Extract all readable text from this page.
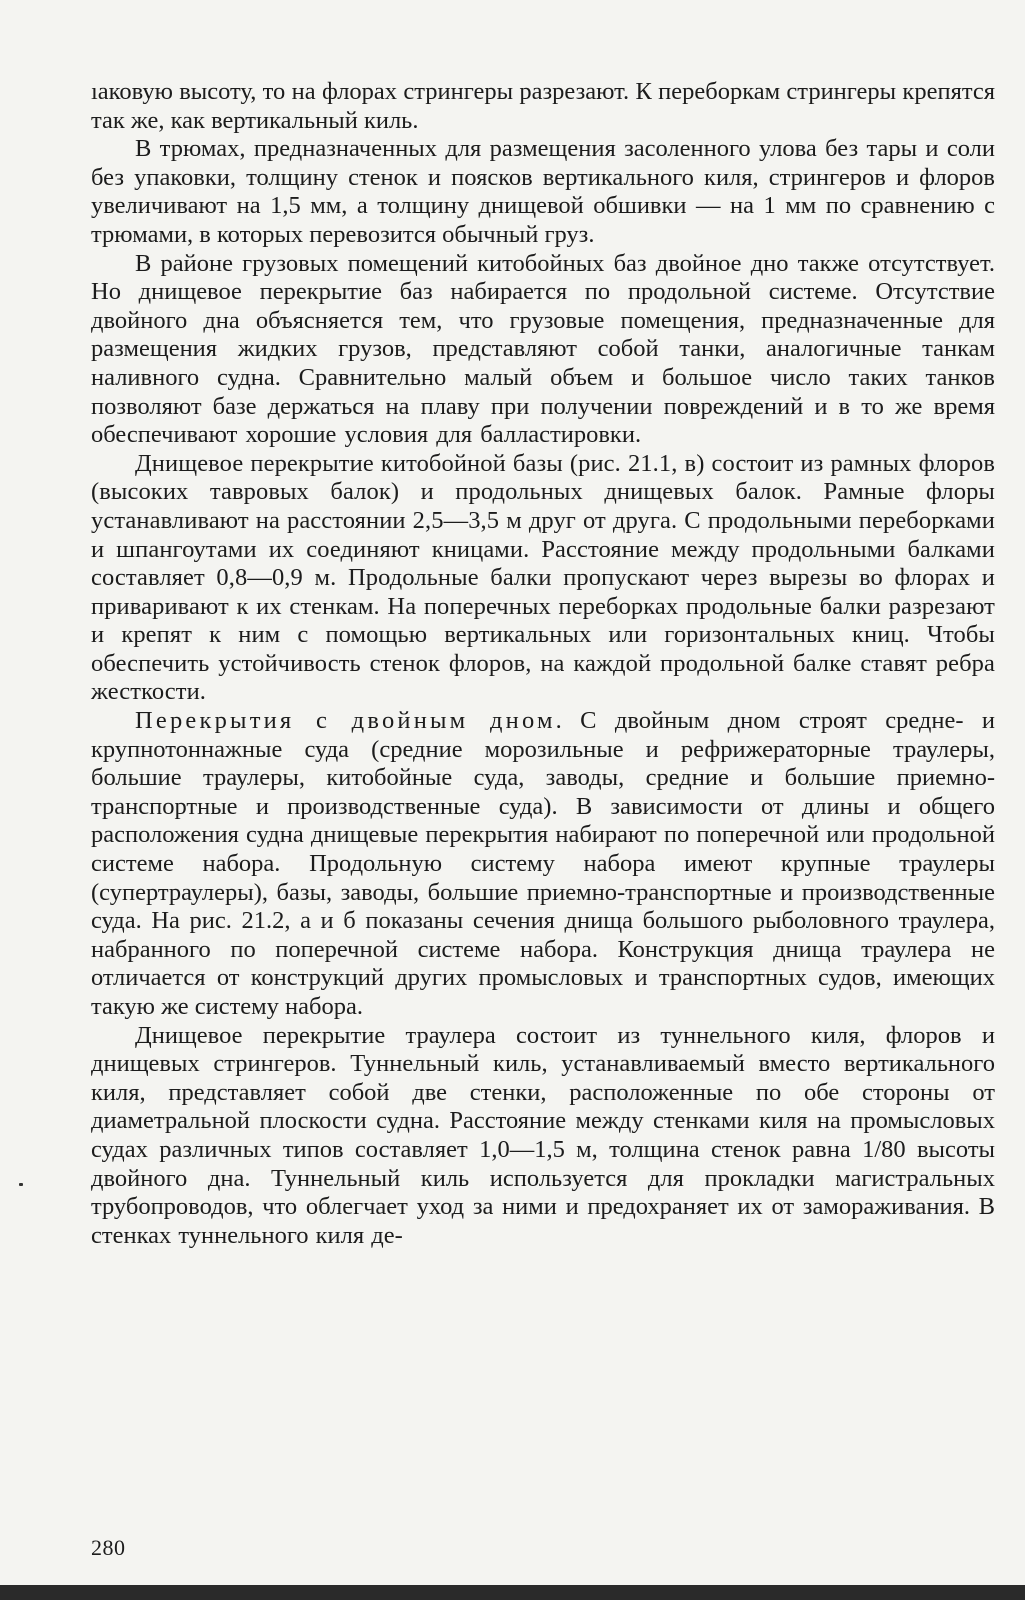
ıаковую высоту, то на флорах стрингеры разрезают. К переборкам стрингеры крепятся так же, как вертикальный киль.

В трюмах, предназначенных для размещения засоленного улова без тары и соли без упаковки, толщину стенок и поясков вертикального киля, стрингеров и флоров увеличивают на 1,5 мм, а толщину днищевой обшивки — на 1 мм по сравнению с трюмами, в которых перевозится обычный груз.

В районе грузовых помещений китобойных баз двойное дно также отсутствует. Но днищевое перекрытие баз набирается по продольной системе. Отсутствие двойного дна объясняется тем, что грузовые помещения, предназначенные для размещения жидких грузов, представляют собой танки, аналогичные танкам наливного судна. Сравнительно малый объем и большое число таких танков позволяют базе держаться на плаву при получении повреждений и в то же время обеспечивают хорошие условия для балластировки.

Днищевое перекрытие китобойной базы (рис. 21.1, в) состоит из рамных флоров (высоких тавровых балок) и продольных днищевых балок. Рамные флоры устанавливают на расстоянии 2,5—3,5 м друг от друга. С продольными переборками и шпангоутами их соединяют кницами. Расстояние между продольными балками составляет 0,8—0,9 м. Продольные балки пропускают через вырезы во флорах и приваривают к их стенкам. На поперечных переборках продольные балки разрезают и крепят к ним с помощью вертикальных или горизонтальных книц. Чтобы обеспечить устойчивость стенок флоров, на каждой продольной балке ставят ребра жесткости.

Перекрытия с двойным дном. С двойным дном строят средне- и крупнотоннажные суда (средние морозильные и рефрижераторные траулеры, большие траулеры, китобойные суда, заводы, средние и большие приемно-транспортные и производственные суда). В зависимости от длины и общего расположения судна днищевые перекрытия набирают по поперечной или продольной системе набора. Продольную систему набора имеют крупные траулеры (супертраулеры), базы, заводы, большие приемно-транспортные и производственные суда. На рис. 21.2, а и б показаны сечения днища большого рыболовного траулера, набранного по поперечной системе набора. Конструкция днища траулера не отличается от конструкций других промысловых и транспортных судов, имеющих такую же систему набора.

Днищевое перекрытие траулера состоит из туннельного киля, флоров и днищевых стрингеров. Туннельный киль, устанавливаемый вместо вертикального киля, представляет собой две стенки, расположенные по обе стороны от диаметральной плоскости судна. Расстояние между стенками киля на промысловых судах различных типов составляет 1,0—1,5 м, толщина стенок равна 1/80 высоты двойного дна. Туннельный киль используется для прокладки магистральных трубопроводов, что облегчает уход за ними и предохраняет их от замораживания. В стенках туннельного киля де-

280
